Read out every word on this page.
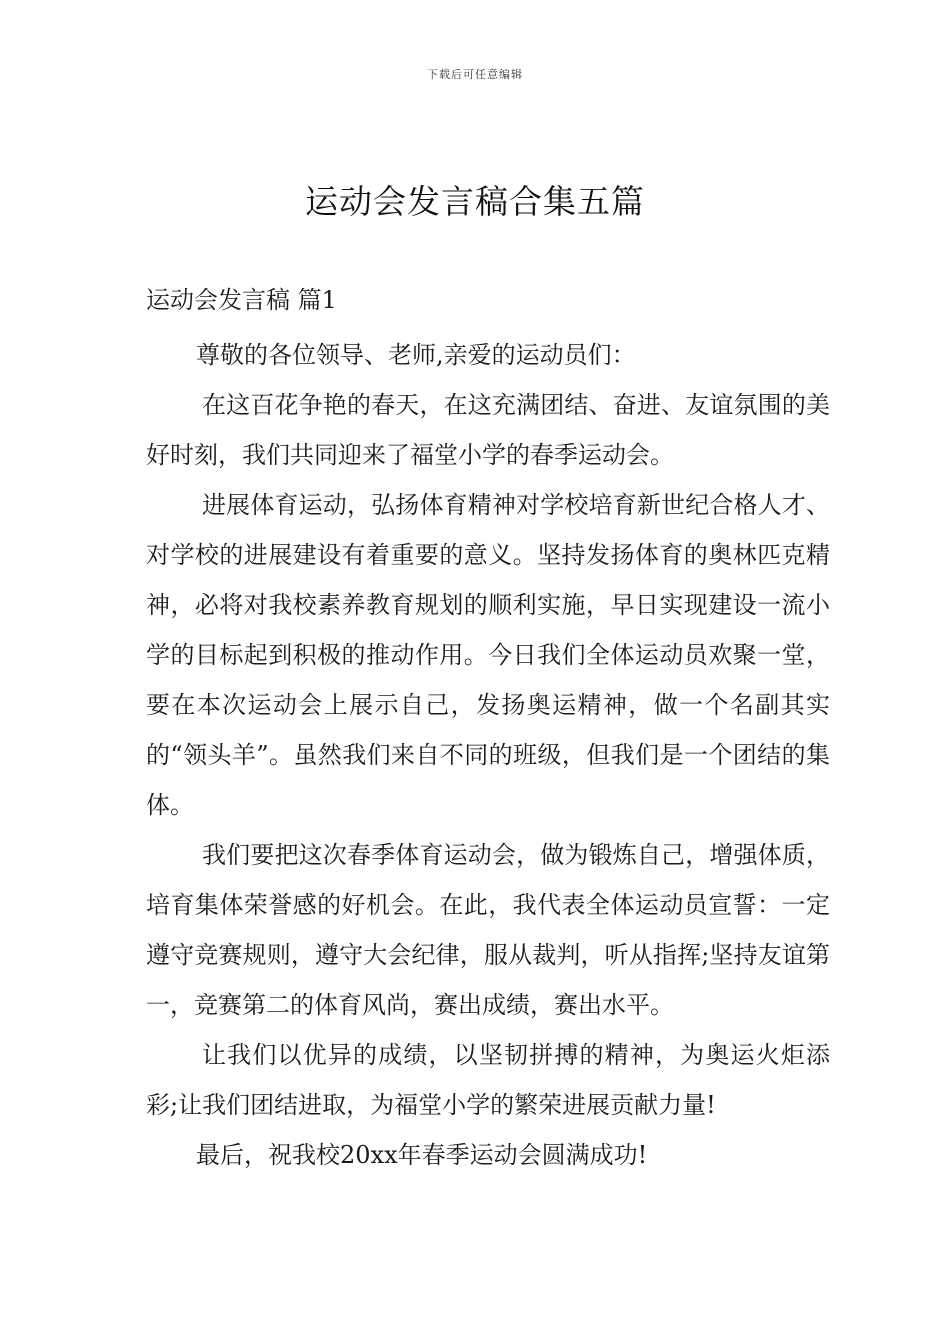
下载后可任意编辑
运动会发言稿合集五篇
运动会发言稿 篇1

尊敬的各位领导、老师,亲爱的运动员们：

在这百花争艳的春天，在这充满团结、奋进、友谊氛围的美好时刻，我们共同迎来了福堂小学的春季运动会。

进展体育运动，弘扬体育精神对学校培育新世纪合格人才、对学校的进展建设有着重要的意义。坚持发扬体育的奥林匹克精神，必将对我校素养教育规划的顺利实施，早日实现建设一流小学的目标起到积极的推动作用。今日我们全体运动员欢聚一堂，要在本次运动会上展示自己，发扬奥运精神，做一个名副其实的“领头羊”。虽然我们来自不同的班级，但我们是一个团结的集体。

我们要把这次春季体育运动会，做为锻炼自己，增强体质，培育集体荣誉感的好机会。在此，我代表全体运动员宣誓：一定遵守竞赛规则，遵守大会纪律，服从裁判，听从指挥;坚持友谊第一，竞赛第二的体育风尚，赛出成绩，赛出水平。

让我们以优异的成绩，以坚韧拼搏的精神，为奥运火炬添彩;让我们团结进取，为福堂小学的繁荣进展贡献力量!

最后，祝我校20xx年春季运动会圆满成功!
